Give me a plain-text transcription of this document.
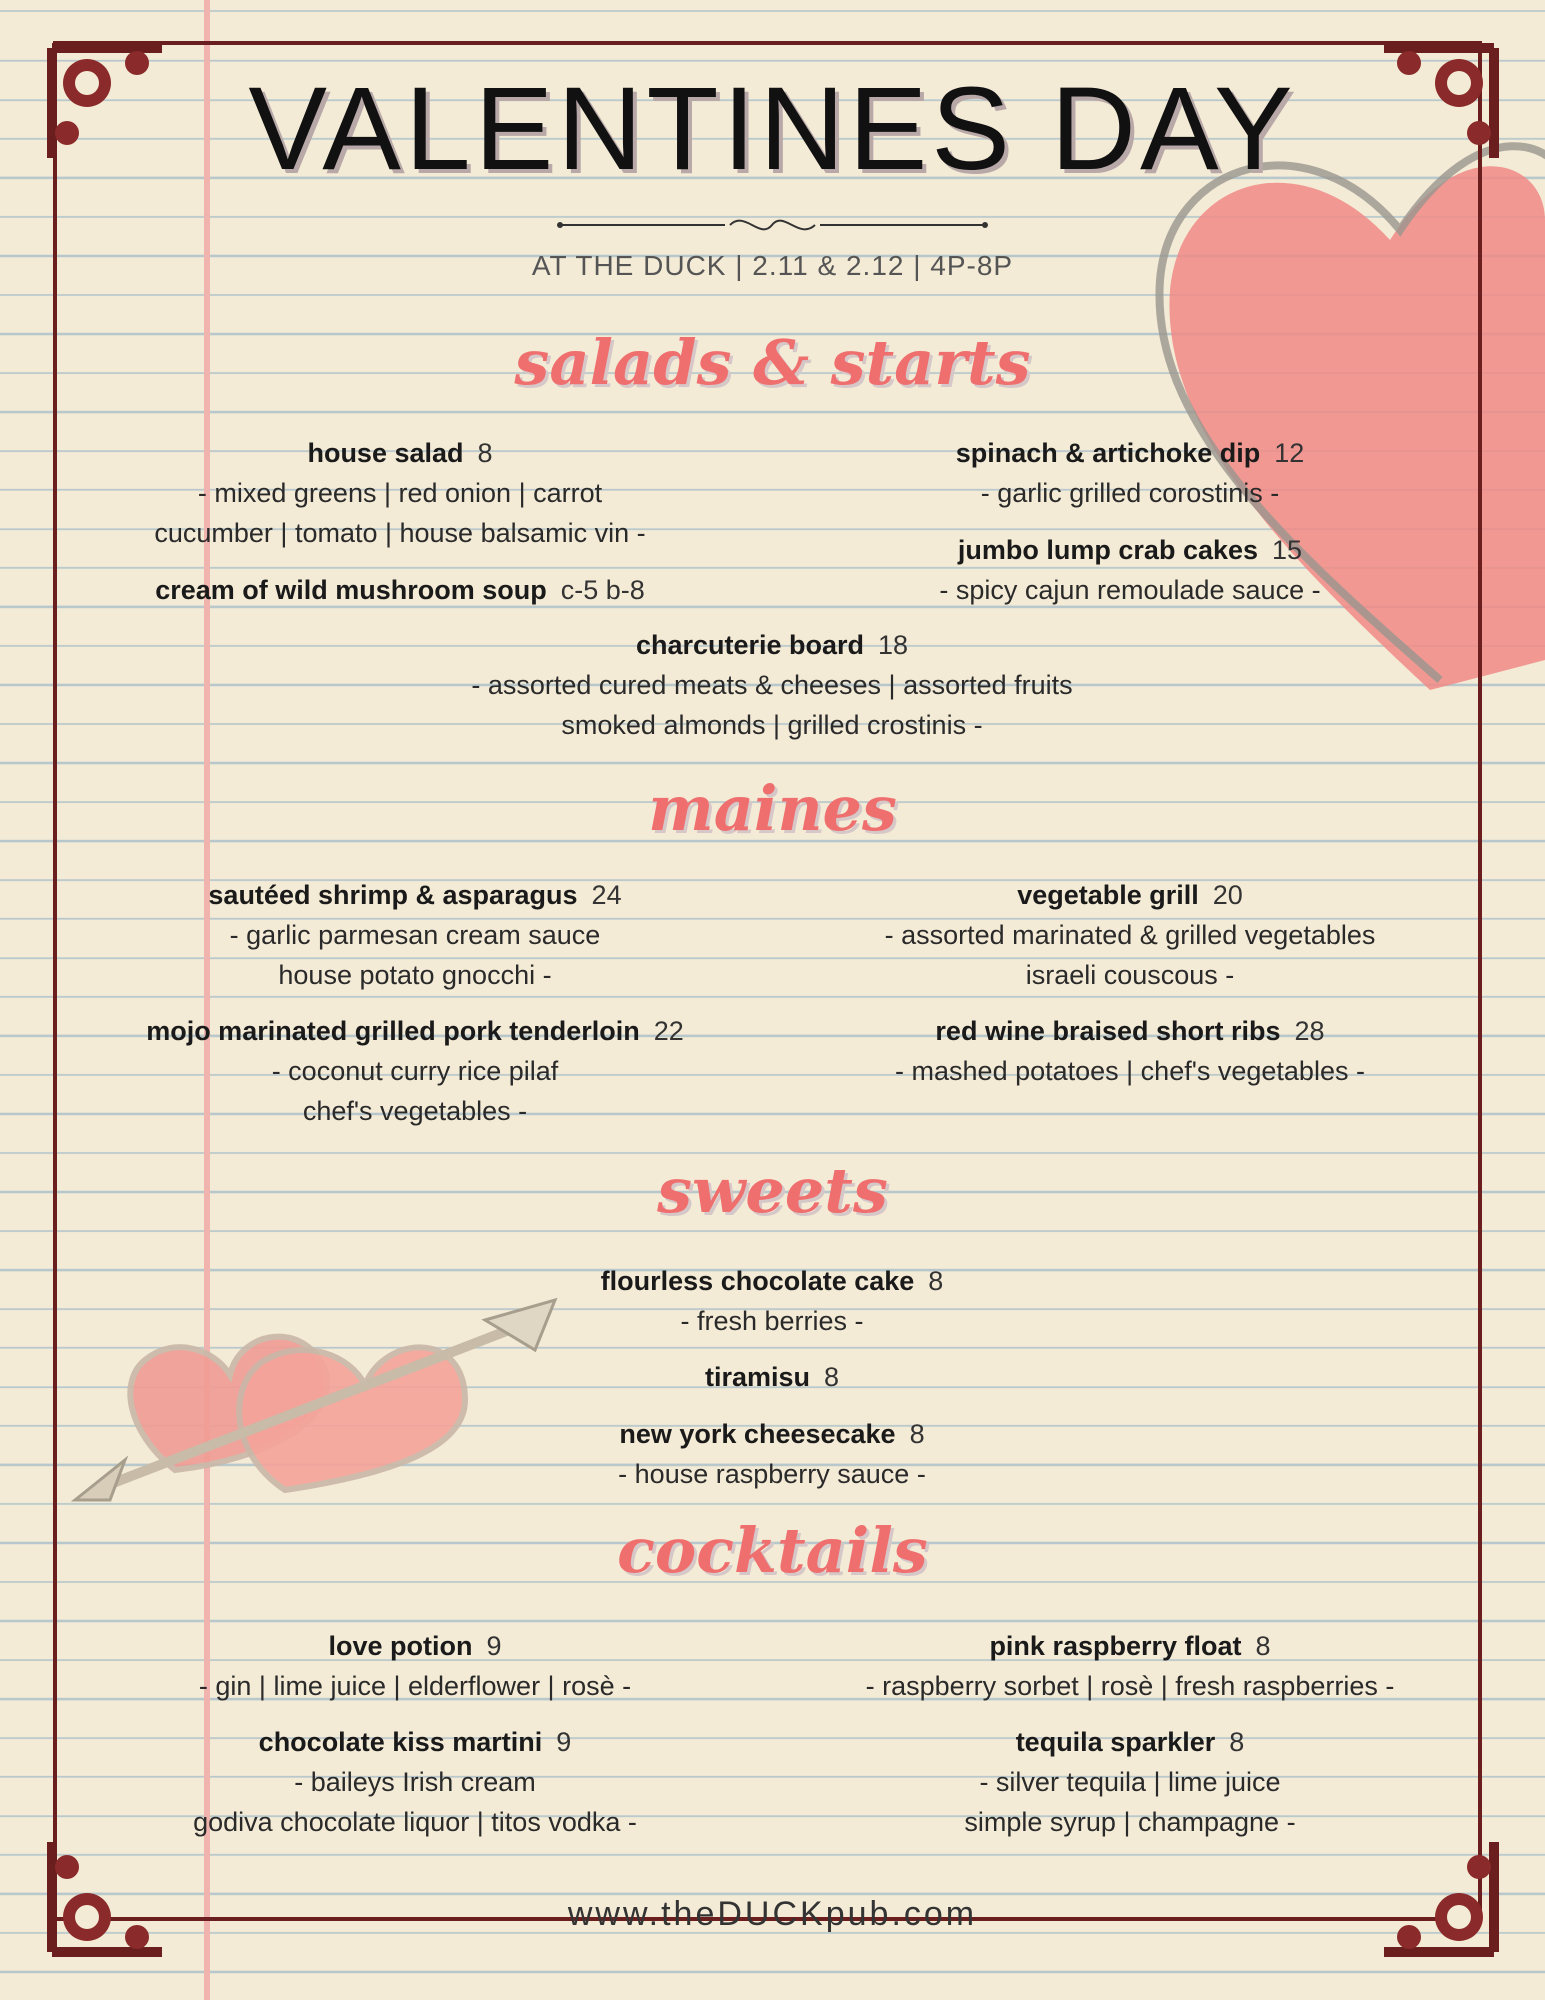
VALENTINES DAY
AT THE DUCK | 2.11 & 2.12 | 4P-8P
salads & starts
house salad 8
- mixed greens | red onion | carrot
cucumber | tomato | house balsamic vin -
cream of wild mushroom soup c-5 b-8
spinach & artichoke dip 12
- garlic grilled corostinis -
jumbo lump crab cakes 15
- spicy cajun remoulade sauce -
charcuterie board 18
- assorted cured meats & cheeses | assorted fruits
smoked almonds | grilled crostinis -
maines
sautéed shrimp & asparagus 24
- garlic parmesan cream sauce
house potato gnocchi -
mojo marinated grilled pork tenderloin 22
- coconut curry rice pilaf
chef's vegetables -
vegetable grill 20
- assorted marinated & grilled vegetables
israeli couscous -
red wine braised short ribs 28
- mashed potatoes | chef's vegetables -
sweets
flourless chocolate cake 8
- fresh berries -
tiramisu 8
new york cheesecake 8
- house raspberry sauce -
cocktails
love potion 9
- gin | lime juice | elderflower | rosè -
chocolate kiss martini 9
- baileys Irish cream
godiva chocolate liquor | titos vodka -
pink raspberry float 8
- raspberry sorbet | rosè | fresh raspberries -
tequila sparkler 8
- silver tequila | lime juice
simple syrup | champagne -
www.theDUCKpub.com
